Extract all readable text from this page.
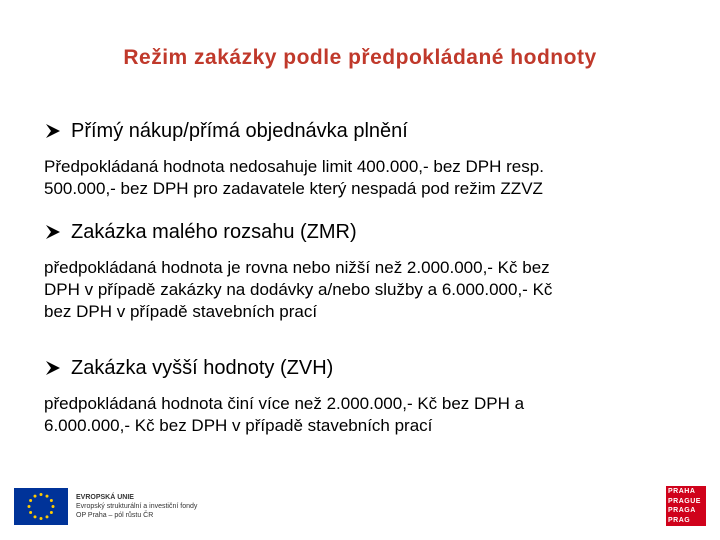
Režim zakázky podle předpokládané hodnoty
Přímý nákup/přímá objednávka plnění
Předpokládaná hodnota nedosahuje limit 400.000,- bez DPH resp.
500.000,- bez DPH pro zadavatele který nespadá pod režim ZZVZ
Zakázka malého rozsahu (ZMR)
předpokládaná hodnota je rovna nebo nižší než 2.000.000,- Kč bez
DPH v případě zakázky na dodávky a/nebo služby a 6.000.000,- Kč
bez DPH v případě stavebních prací
Zakázka vyšší hodnoty (ZVH)
předpokládaná hodnota činí více než 2.000.000,- Kč bez DPH a
6.000.000,- Kč bez DPH v případě stavebních prací
EVROPSKÁ UNIE
Evropský strukturální a investiční fondy
OP Praha – pól růstu ČR
PRAHA
PRAGUE
PRAGA
PRAG
